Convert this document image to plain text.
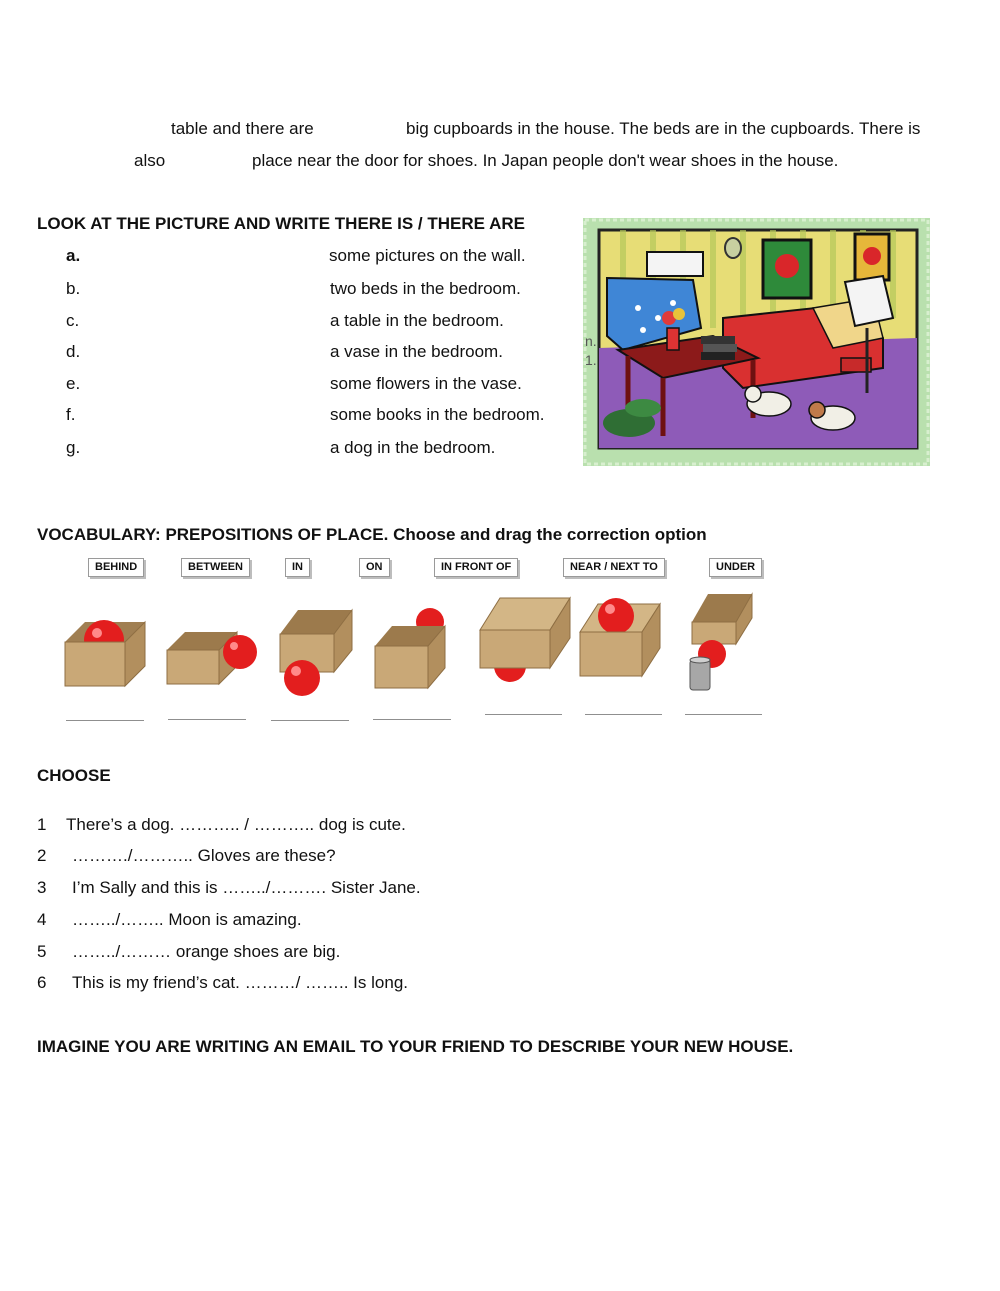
table and there are	big cupboards in the house. The beds are in the cupboards. There is
also	place near the door for shoes. In Japan people don't wear shoes in the house.
LOOK AT THE PICTURE AND WRITE THERE IS / THERE ARE
a.	some pictures on the wall.
b.	two beds in the bedroom.
c.	a table in the bedroom.
d.	a vase in the bedroom.
e.	some flowers in the vase.
f.	some books in the bedroom.
g.	a dog in the bedroom.
n.
1.
VOCABULARY: PREPOSITIONS OF PLACE. Choose and drag the correction option
BEHIND	BETWEEN	IN	ON	IN FRONT OF	NEAR / NEXT TO	UNDER
CHOOSE
1 There’s a dog. ……….. / ……….. dog is cute.
2 ………./……….. Gloves are these?
3 I’m Sally and this is ……../………. Sister Jane.
4 ……../…….. Moon is amazing.
5 ……../……… orange shoes are big.
6 This is my friend’s cat. ………/ …….. Is long.
IMAGINE YOU ARE WRITING AN EMAIL TO YOUR FRIEND TO DESCRIBE YOUR NEW HOUSE.
